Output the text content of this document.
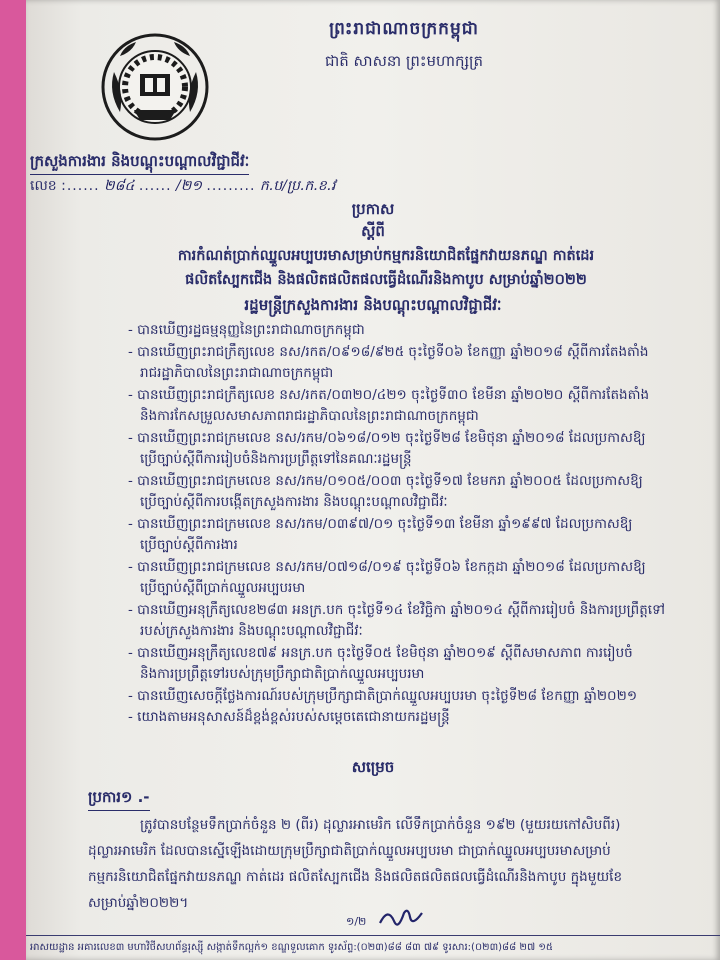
ព្រះរាជាណាចក្រកម្ពុជា
ជាតិ សាសនា ព្រះមហាក្សត្រ
ក្រសួងការងារ និងបណ្តុះបណ្តាលវិជ្ជាជីវៈ
លេខ :...... ២៨៤ ...... /២១ ......... ក.ប/ប្រ.ក.ខ.វ
ប្រកាស
ស្តីពី
ការកំណត់ប្រាក់ឈ្នួលអប្បបរមាសម្រាប់កម្មករនិយោជិតផ្នែកវាយនភណ្ឌ កាត់ដេរ
ផលិតស្បែកជើង និងផលិតផលិតផលធ្វើដំណើរនិងកាបូប សម្រាប់ឆ្នាំ២០២២
រដ្ឋមន្ត្រីក្រសួងការងារ និងបណ្តុះបណ្តាលវិជ្ជាជីវៈ
- បានឃើញរដ្ឋធម្មនុញ្ញនៃព្រះរាជាណាចក្រកម្ពុជា
- បានឃើញព្រះរាជក្រឹត្យលេខ នស/រកត/០៩១៨/៩២៥ ចុះថ្ងៃទី០៦ ខែកញ្ញា ឆ្នាំ២០១៨ ស្តីពីការតែងតាំង
រាជរដ្ឋាភិបាលនៃព្រះរាជាណាចក្រកម្ពុជា
- បានឃើញព្រះរាជក្រឹត្យលេខ នស/រកត/០៣២០/៤២១ ចុះថ្ងៃទី៣០ ខែមីនា ឆ្នាំ២០២០ ស្តីពីការតែងតាំង
និងការកែសម្រួលសមាសភាពរាជរដ្ឋាភិបាលនៃព្រះរាជាណាចក្រកម្ពុជា
- បានឃើញព្រះរាជក្រមលេខ នស/រកម/០៦១៨/០១២ ចុះថ្ងៃទី២៨ ខែមិថុនា ឆ្នាំ២០១៨ ដែលប្រកាសឱ្យ
ប្រើច្បាប់ស្តីពីការរៀបចំនិងការប្រព្រឹត្តទៅនៃគណៈរដ្ឋមន្ត្រី
- បានឃើញព្រះរាជក្រមលេខ នស/រកម/០១០៥/០០៣ ចុះថ្ងៃទី១៧ ខែមករា ឆ្នាំ២០០៥ ដែលប្រកាសឱ្យ
ប្រើច្បាប់ស្តីពីការបង្កើតក្រសួងការងារ និងបណ្តុះបណ្តាលវិជ្ជាជីវៈ
- បានឃើញព្រះរាជក្រមលេខ នស/រកម/០៣៩៧/០១ ចុះថ្ងៃទី១៣ ខែមីនា ឆ្នាំ១៩៩៧ ដែលប្រកាសឱ្យ
ប្រើច្បាប់ស្តីពីការងារ
- បានឃើញព្រះរាជក្រមលេខ នស/រកម/០៧១៨/០១៩ ចុះថ្ងៃទី០៦ ខែកក្កដា ឆ្នាំ២០១៨ ដែលប្រកាសឱ្យ
ប្រើច្បាប់ស្តីពីប្រាក់ឈ្នួលអប្បបរមា
- បានឃើញអនុក្រឹត្យលេខ២៨៣ អនក្រ.បក ចុះថ្ងៃទី១៤ ខែវិច្ឆិកា ឆ្នាំ២០១៤ ស្តីពីការរៀបចំ និងការប្រព្រឹត្តទៅ
របស់ក្រសួងការងារ និងបណ្តុះបណ្តាលវិជ្ជាជីវៈ
- បានឃើញអនុក្រឹត្យលេខ៧៩ អនក្រ.បក ចុះថ្ងៃទី០៥ ខែមិថុនា ឆ្នាំ២០១៩ ស្តីពីសមាសភាព ការរៀបចំ
និងការប្រព្រឹត្តទៅរបស់ក្រុមប្រឹក្សាជាតិប្រាក់ឈ្នួលអប្បបរមា
- បានឃើញសេចក្តីថ្លែងការណ៍របស់ក្រុមប្រឹក្សាជាតិប្រាក់ឈ្នួលអប្បបរមា ចុះថ្ងៃទី២៨ ខែកញ្ញា ឆ្នាំ២០២១
- យោងតាមអនុសាសន៍ដ៏ខ្ពង់ខ្ពស់របស់សម្តេចតេជោនាយករដ្ឋមន្ត្រី
សម្រេច
ប្រការ១ .-
ត្រូវបានបន្ថែមទឹកប្រាក់ចំនួន ២ (ពីរ) ដុល្លារអាមេរិក លើទឹកប្រាក់ចំនួន ១៩២ (មួយរយកៅសិបពីរ)
ដុល្លារអាមេរិក ដែលបានស្នើឡើងដោយក្រុមប្រឹក្សាជាតិប្រាក់ឈ្នួលអប្បបរមា ជាប្រាក់ឈ្នួលអប្បបរមាសម្រាប់
កម្មករនិយោជិតផ្នែកវាយនភណ្ឌ កាត់ដេរ ផលិតស្បែកជើង និងផលិតផលិតផលធ្វើដំណើរនិងកាបូប ក្នុងមួយខែ
សម្រាប់ឆ្នាំ២០២២។
១/២
អាសយដ្ឋាន អគារលេខ៣ មហាវិថីសហព័ន្ធរុស្ស៊ី សង្កាត់ទឹកល្អក់១ ខណ្ឌទួលគោក ទូរស័ព្ទ:(០២៣)៨៨ ៨៣ ៧៩ ទូរសារ:(០២៣)៨៨ ២៧ ១៥
